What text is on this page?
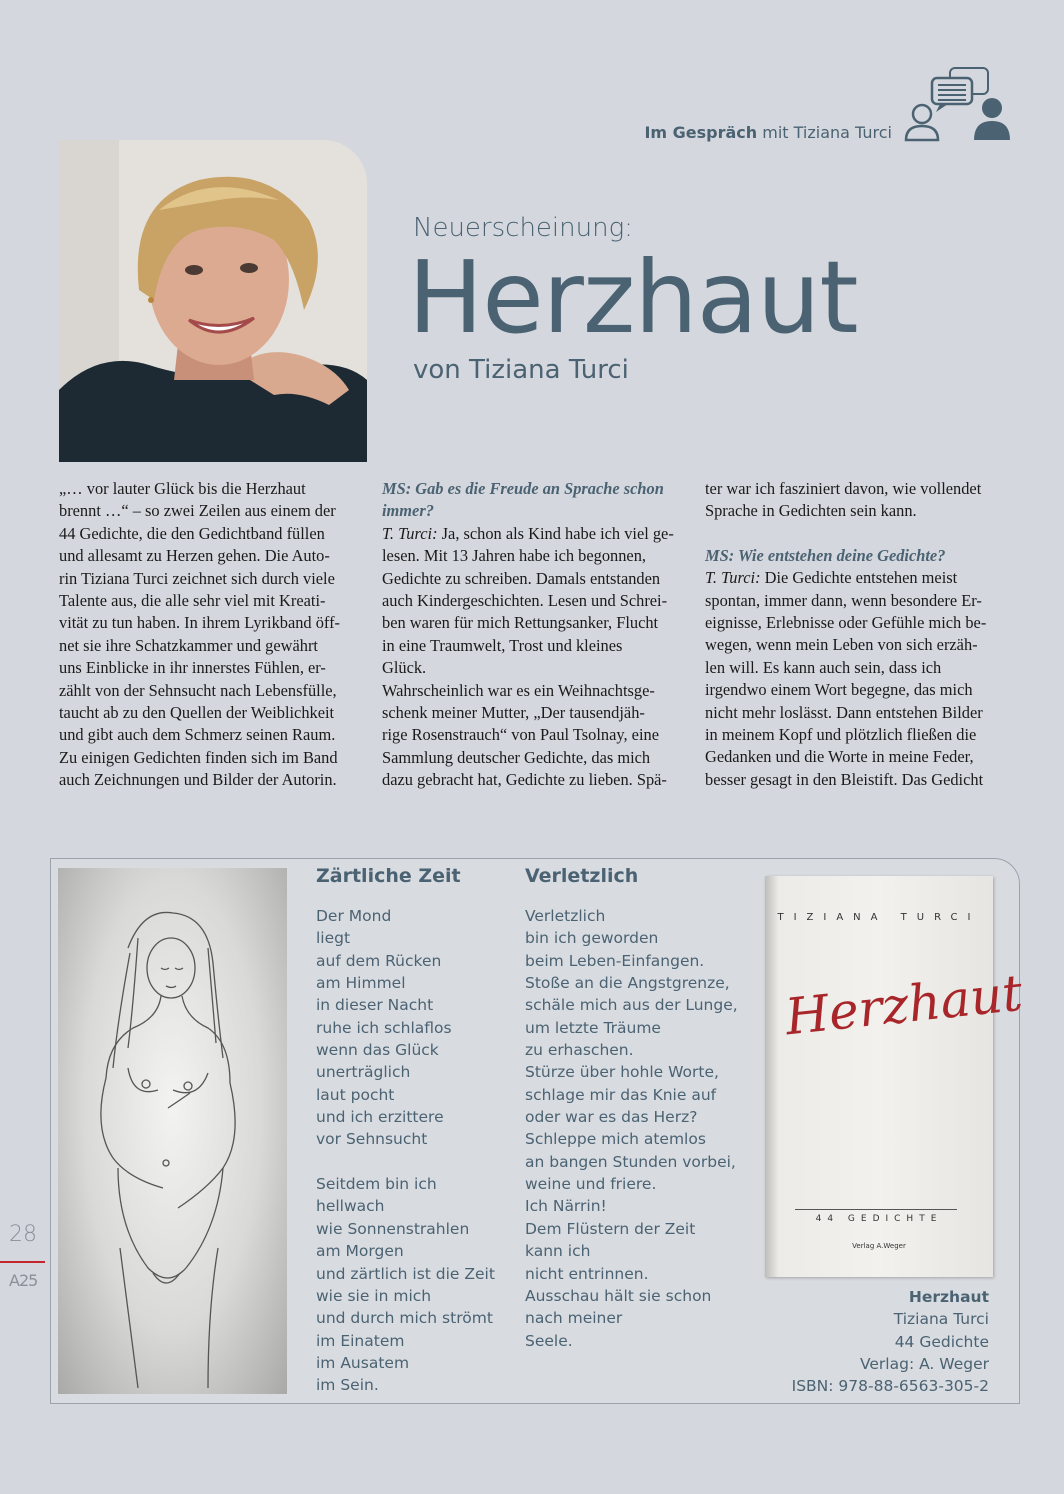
Im Gespräch mit Tiziana Turci
Neuerscheinung:
Herzhaut
von Tiziana Turci

„… vor lauter Glück bis die Herzhaut

brennt …“ – so zwei Zeilen aus einem der

44 Gedichte, die den Gedichtband füllen

und allesamt zu Herzen gehen. Die Auto-

rin Tiziana Turci zeichnet sich durch viele

Talente aus, die alle sehr viel mit Kreati-

vität zu tun haben. In ihrem Lyrikband öff-

net sie ihre Schatzkammer und gewährt

uns Einblicke in ihr innerstes Fühlen, er-

zählt von der Sehnsucht nach Lebensfülle,

taucht ab zu den Quellen der Weiblichkeit

und gibt auch dem Schmerz seinen Raum.

Zu einigen Gedichten finden sich im Band

auch Zeichnungen und Bilder der Autorin.

MS: Gab es die Freude an Sprache schon

immer?

T. Turci: Ja, schon als Kind habe ich viel ge-

lesen. Mit 13 Jahren habe ich begonnen,

Gedichte zu schreiben. Damals entstanden

auch Kindergeschichten. Lesen und Schrei-

ben waren für mich Rettungsanker, Flucht

in eine Traumwelt, Trost und kleines

Glück.

Wahrscheinlich war es ein Weihnachtsge-

schenk meiner Mutter, „Der tausendjäh-

rige Rosenstrauch“ von Paul Tsolnay, eine

Sammlung deutscher Gedichte, das mich

dazu gebracht hat, Gedichte zu lieben. Spä-

ter war ich fasziniert davon, wie vollendet

Sprache in Gedichten sein kann.

MS: Wie entstehen deine Gedichte?

T. Turci: Die Gedichte entstehen meist

spontan, immer dann, wenn besondere Er-

eignisse, Erlebnisse oder Gefühle mich be-

wegen, wenn mein Leben von sich erzäh-

len will. Es kann auch sein, dass ich

irgendwo einem Wort begegne, das mich

nicht mehr loslässt. Dann entstehen Bilder

in meinem Kopf und plötzlich fließen die

Gedanken und die Worte in meine Feder,

besser gesagt in den Bleistift. Das Gedicht

28
A25
Zärtliche Zeit
Der Mond
liegt
auf dem Rücken
am Himmel
in dieser Nacht
ruhe ich schlaflos
wenn das Glück
unerträglich
laut pocht
und ich erzittere
vor Sehnsucht

Seitdem bin ich
hellwach
wie Sonnenstrahlen
am Morgen
und zärtlich ist die Zeit
wie sie in mich
und durch mich strömt
im Einatem
im Ausatem
im Sein.
Verletzlich
Verletzlich
bin ich geworden
beim Leben-Einfangen.
Stoße an die Angstgrenze,
schäle mich aus der Lunge,
um letzte Träume
zu erhaschen.
Stürze über hohle Worte,
schlage mir das Knie auf
oder war es das Herz?
Schleppe mich atemlos
an bangen Stunden vorbei,
weine und friere.
Ich Närrin!
Dem Flüstern der Zeit
kann ich
nicht entrinnen.
Ausschau hält sie schon
nach meiner
Seele.
TIZIANA TURCI
Herzhaut
44 GEDICHTE
Verlag A.Weger
Herzhaut
Tiziana Turci
44 Gedichte
Verlag: A. Weger
ISBN: 978-88-6563-305-2
